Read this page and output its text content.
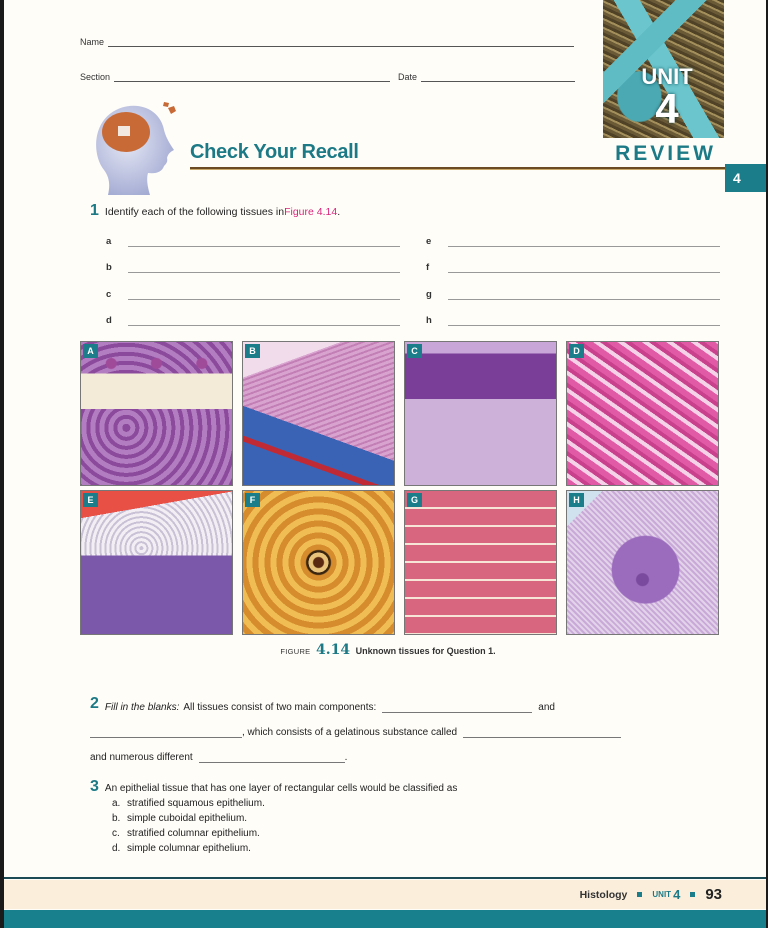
Name
Section	Date	UNIT
4
REVIEW
4
Check Your Recall
1 Identify each of the following tissues in Figure 4.14 .
a
b
c
d
e
f
g
h
A	B	C	D
E	F	G	H
FIGURE 4.14 Unknown tissues for Question 1.
2 Fill in the blanks: All tissues consist of two main components:	and
, which consists of a gelatinous substance called
and numerous different	.
3 An epithelial tissue that has one layer of rectangular cells would be classified as
a. stratified squamous epithelium.
b. simple cuboidal epithelium.
c. stratified columnar epithelium.
d. simple columnar epithelium.
Histology	UNIT 4 93
